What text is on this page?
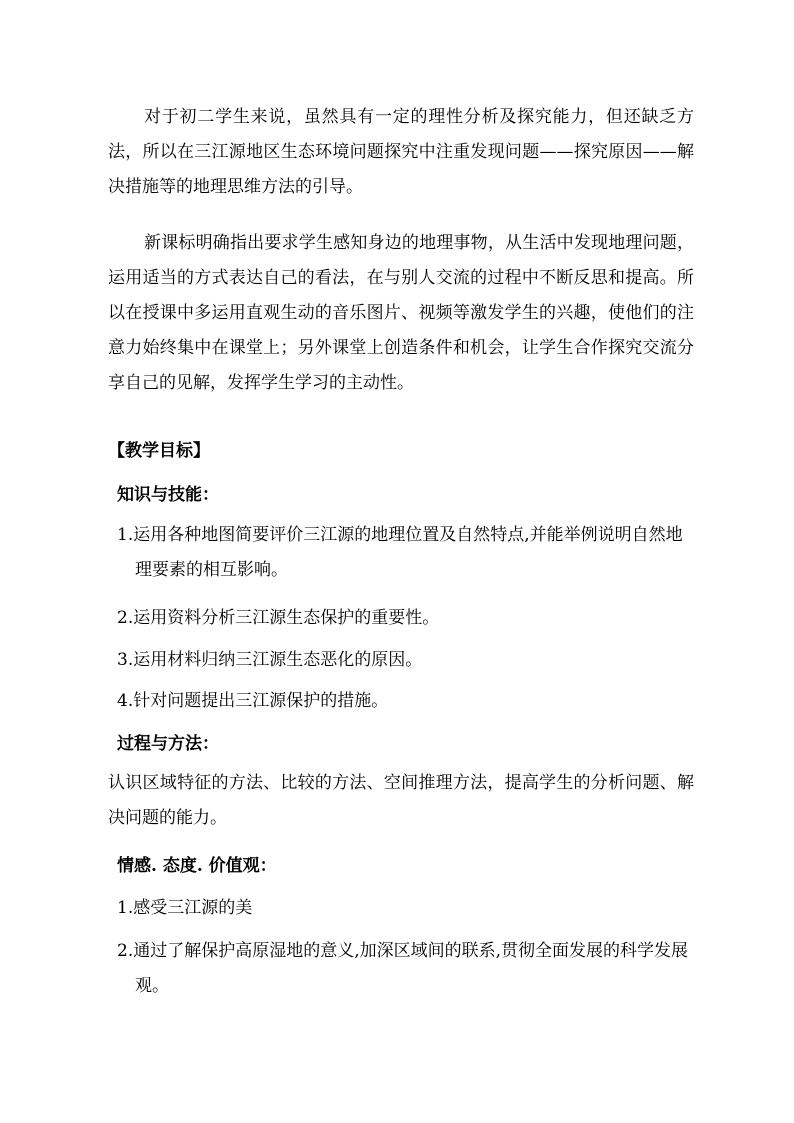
对于初二学生来说，虽然具有一定的理性分析及探究能力，但还缺乏方法，所以在三江源地区生态环境问题探究中注重发现问题——探究原因——解决措施等的地理思维方法的引导。

新课标明确指出要求学生感知身边的地理事物，从生活中发现地理问题，运用适当的方式表达自己的看法，在与别人交流的过程中不断反思和提高。所以在授课中多运用直观生动的音乐图片、视频等激发学生的兴趣，使他们的注意力始终集中在课堂上；另外课堂上创造条件和机会，让学生合作探究交流分享自己的见解，发挥学生学习的主动性。

【教学目标】

知识与技能：

1.运用各种地图简要评价三江源的地理位置及自然特点,并能举例说明自然地理要素的相互影响。

2.运用资料分析三江源生态保护的重要性。

3.运用材料归纳三江源生态恶化的原因。

4.针对问题提出三江源保护的措施。

过程与方法：

认识区域特征的方法、比较的方法、空间推理方法，提高学生的分析问题、解决问题的能力。

情感. 态度. 价值观：

1.感受三江源的美

2.通过了解保护高原湿地的意义,加深区域间的联系,贯彻全面发展的科学发展观。
